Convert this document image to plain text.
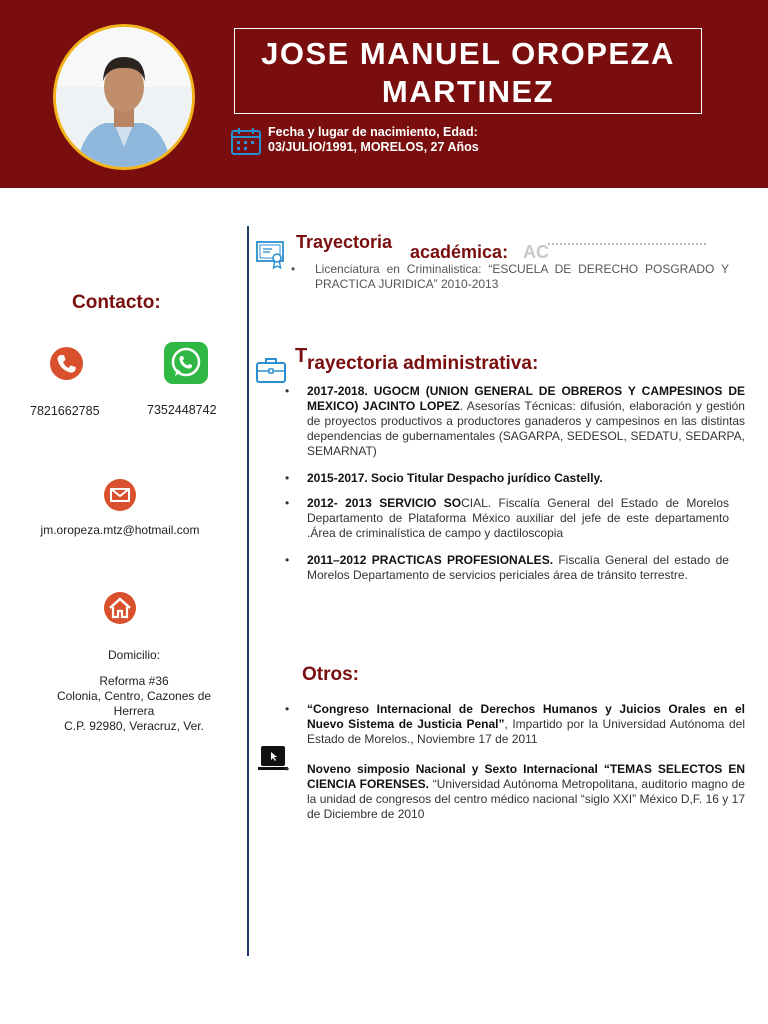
JOSE MANUEL OROPEZA
MARTINEZ
Fecha y lugar de nacimiento, Edad:
03/JULIO/1991, MORELOS, 27 Años
Contacto:
7821662785	7352448742
jm.oropeza.mtz@hotmail.com
Domicilio:
Reforma #36
Colonia, Centro, Cazones de Herrera
C.P. 92980, Veracruz, Ver.
Trayectoria académica: AC
•	Licenciatura en Criminalistica: “ESCUELA DE DERECHO POSGRADO Y PRACTICA JURIDICA” 2010-2013
T rayectoria administrativa:
•	2017-2018. UGOCM (UNION GENERAL DE OBREROS Y CAMPESINOS DE MEXICO) JACINTO LOPEZ. Asesorías Técnicas: difusión, elaboración y gestión de proyectos productivos a productores ganaderos y campesinos en las distintas dependencias de gubernamentales (SAGARPA, SEDESOL, SEDATU, SEDARPA, SEMARNAT)
•	2015-2017. Socio Titular Despacho jurídico Castelly.
•	2012- 2013 SERVICIO SOCIAL. Fiscalía General del Estado de Morelos Departamento de Plataforma México auxiliar del jefe de este departamento .Área de criminalística de campo y dactiloscopia
•	2011–2012 PRACTICAS PROFESIONALES. Fiscalía General del estado de Morelos Departamento de servicios periciales área de tránsito terrestre.
Otros:
•	“Congreso Internacional de Derechos Humanos y Juicios Orales en el Nuevo Sistema de Justicia Penal”, Impartido por la Universidad Autónoma del Estado de Morelos., Noviembre 17 de 2011
•	Noveno simposio Nacional y Sexto Internacional “TEMAS SELECTOS EN CIENCIA FORENSES. “Universidad Autónoma Metropolitana, auditorio magno de la unidad de congresos del centro médico nacional “siglo XXI” México D,F. 16 y 17 de Diciembre de 2010
